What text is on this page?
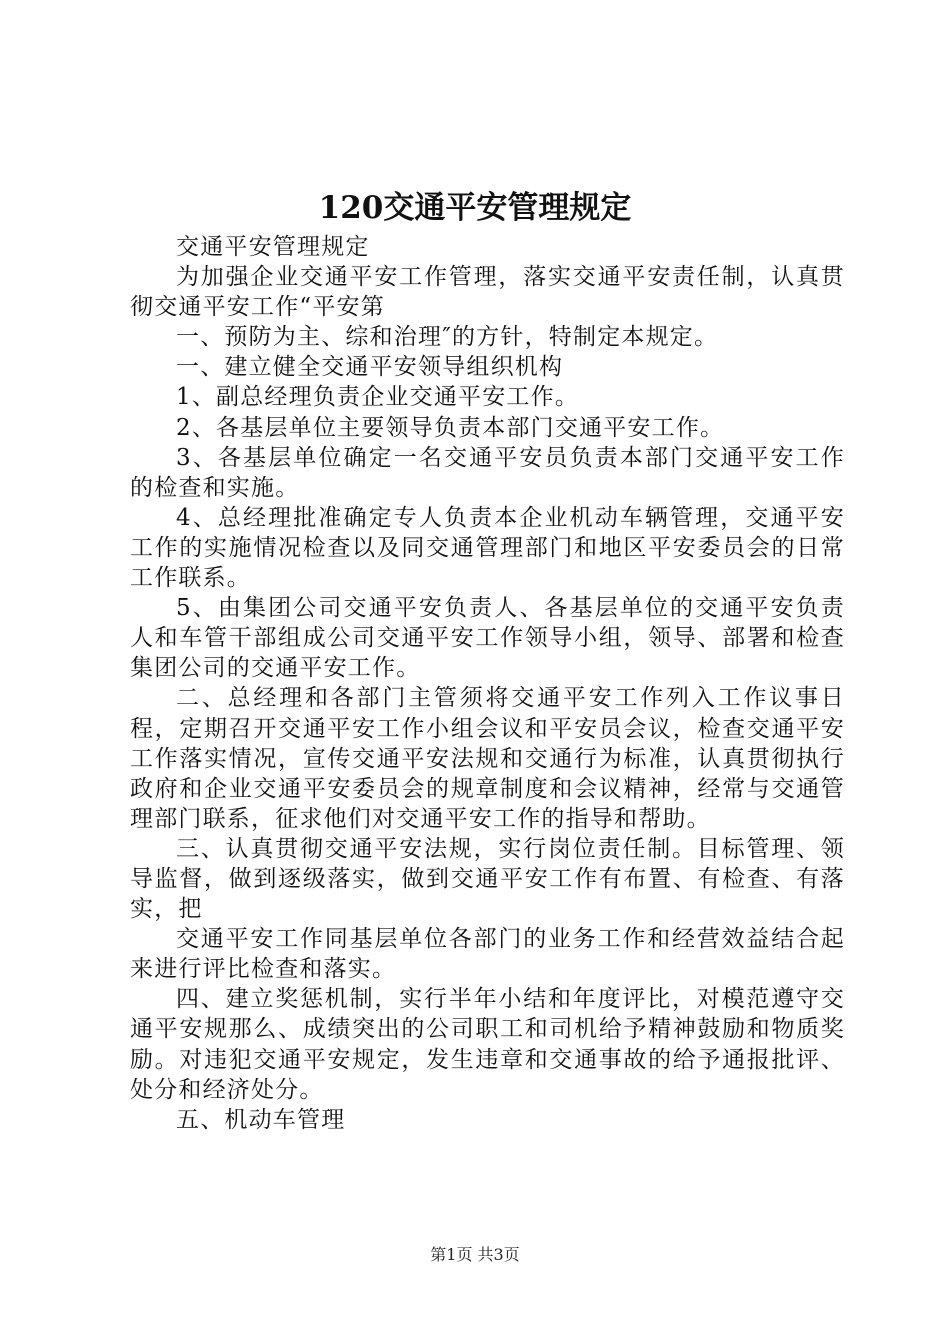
120交通平安管理规定

交通平安管理规定

为加强企业交通平安工作管理，落实交通平安责任制，认真贯彻交通平安工作“平安第

一、预防为主、综和治理″的方针，特制定本规定。

一、建立健全交通平安领导组织机构

1、副总经理负责企业交通平安工作。

2、各基层单位主要领导负责本部门交通平安工作。

3、各基层单位确定一名交通平安员负责本部门交通平安工作的检查和实施。

4、总经理批准确定专人负责本企业机动车辆管理，交通平安工作的实施情况检查以及同交通管理部门和地区平安委员会的日常工作联系。

5、由集团公司交通平安负责人、各基层单位的交通平安负责人和车管干部组成公司交通平安工作领导小组，领导、部署和检查集团公司的交通平安工作。

二、总经理和各部门主管须将交通平安工作列入工作议事日程，定期召开交通平安工作小组会议和平安员会议，检查交通平安工作落实情况，宣传交通平安法规和交通行为标准，认真贯彻执行政府和企业交通平安委员会的规章制度和会议精神，经常与交通管理部门联系，征求他们对交通平安工作的指导和帮助。

三、认真贯彻交通平安法规，实行岗位责任制。目标管理、领导监督，做到逐级落实，做到交通平安工作有布置、有检查、有落实，把

交通平安工作同基层单位各部门的业务工作和经营效益结合起来进行评比检查和落实。

四、建立奖惩机制，实行半年小结和年度评比，对模范遵守交通平安规那么、成绩突出的公司职工和司机给予精神鼓励和物质奖励。对违犯交通平安规定，发生违章和交通事故的给予通报批评、处分和经济处分。

五、机动车管理

第1页 共3页
